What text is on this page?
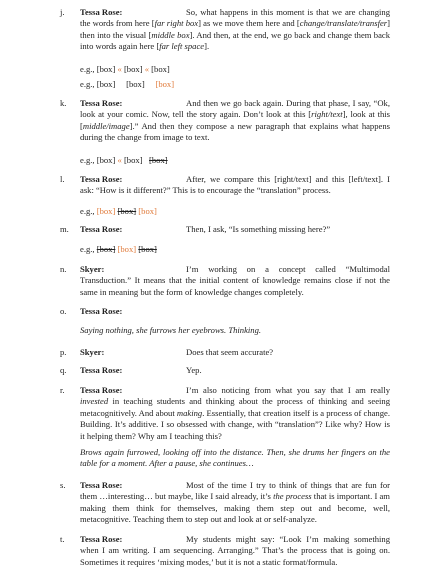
j.	Tessa Rose:	So, what happens in this moment is that we are changing the words from here [far right box] as we move them here and [change/translate/transfer] then into the visual [middle box]. And then, at the end, we go back and change them back into words again here [far left space].
e.g., [box] « [box] « [box]
e.g., [box] [box] [box]
k.	Tessa Rose:	And then we go back again. During that phase, I say, “Ok, look at your comic. Now, tell the story again. Don’t look at this [right/text], look at this [middle/image].” And then they compose a new paragraph that explains what happens during the change from image to text.
e.g., [box] « [box] [box]
l.	Tessa Rose:	After, we compare this [right/text] and this [left/text]. I ask: “How is it different?” This is to encourage the “translation” process.
e.g., [box] [box] [box]
m.	Tessa Rose:	Then, I ask, “Is something missing here?”
e.g., [box] [box] [box]
n.	Skyer:	I’m working on a concept called “Multimodal Transduction.” It means that the initial content of knowledge remains close if not the same in meaning but the form of knowledge changes completely.
o.	Tessa Rose:
Saying nothing, she furrows her eyebrows. Thinking.
p.	Skyer:	Does that seem accurate?
q.	Tessa Rose:	Yep.
r.	Tessa Rose:	I’m also noticing from what you say that I am really invested in teaching students and thinking about the process of thinking and seeing metacognitively. And about making. Essentially, that creation itself is a process of change. Building. It’s additive. I so obsessed with change, with “translation”? Like why? How is it helping them? Why am I teaching this?
Brows again furrowed, looking off into the distance. Then, she drums her fingers on the table for a moment. After a pause, she continues…
s.	Tessa Rose:	Most of the time I try to think of things that are fun for them …interesting… but maybe, like I said already, it’s the process that is important. I am making them think for themselves, making them step out and become, well, metacognitive. Teaching them to step out and look at or self-analyze.
t.	Tessa Rose:	My students might say: “Look I’m making something when I am writing. I am sequencing. Arranging.” That’s the process that is going on. Sometimes it requires ‘mixing modes,’ but it is not a static format/formula.
